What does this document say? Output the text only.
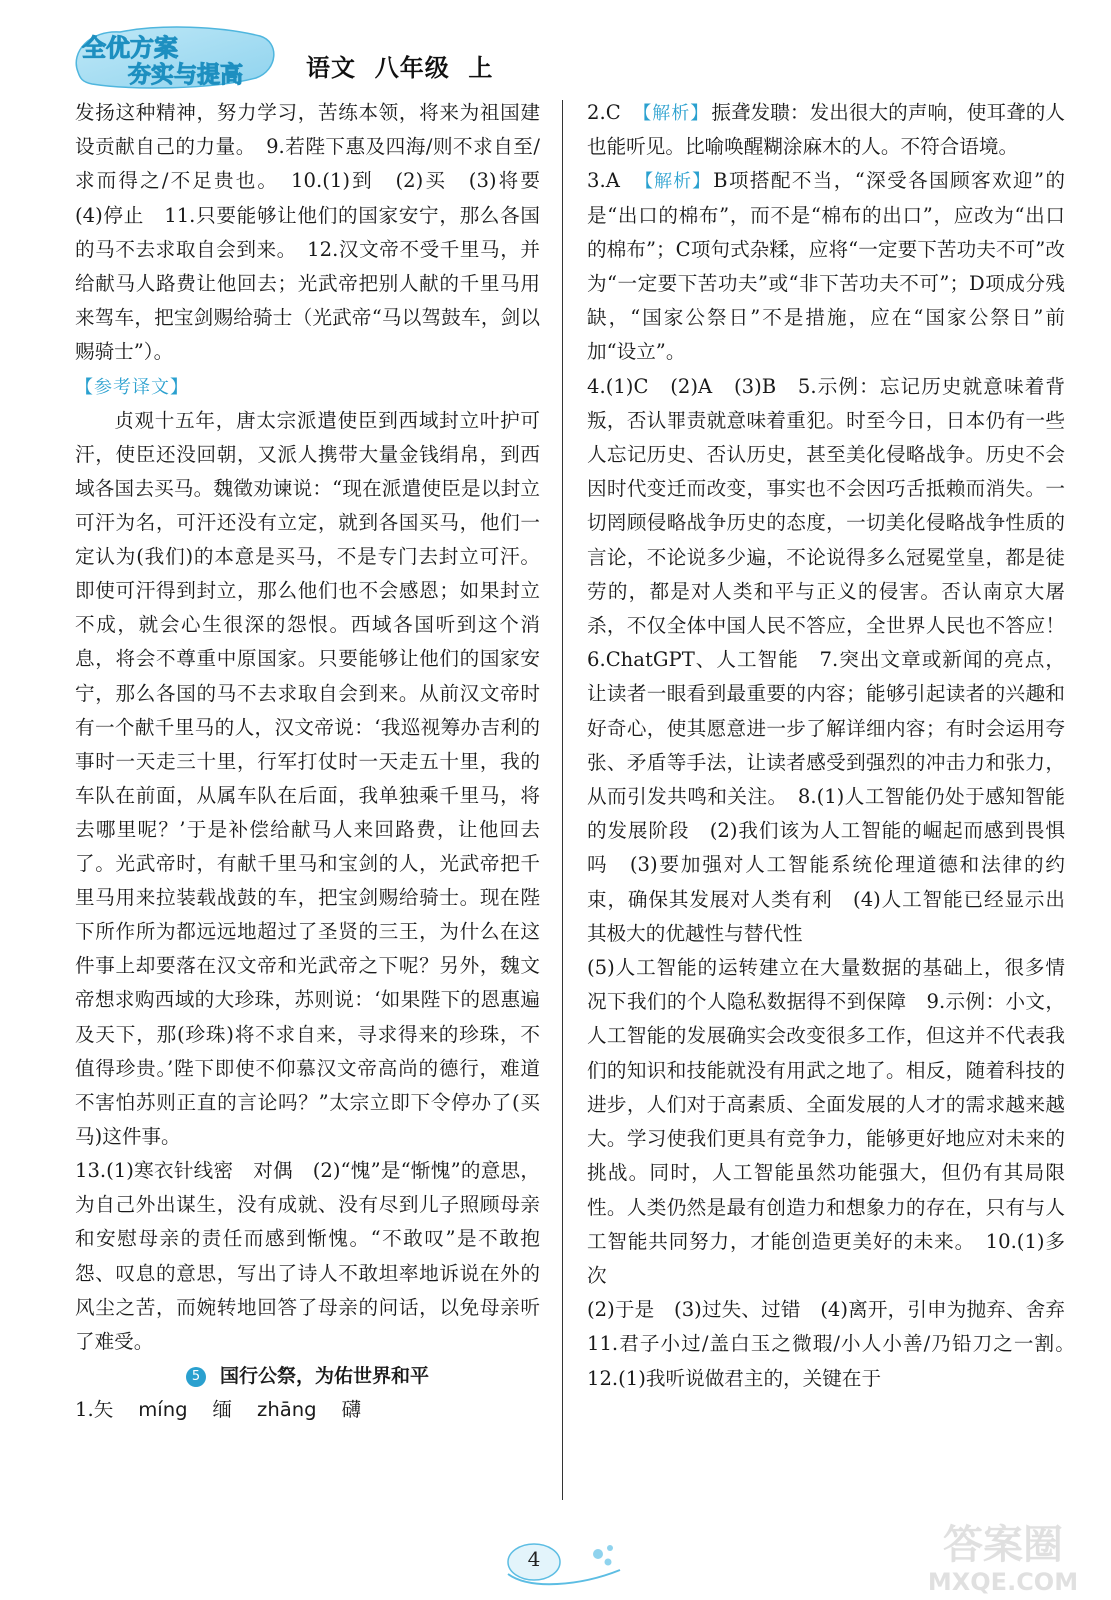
全优方案
夯实与提高	语文  八年级  上

发扬这种精神，努力学习，苦练本领，将来为祖国建设贡献自己的力量。　9.若陛下惠及四海/则不求自至/求而得之/不足贵也。　10.(1)到　(2)买　(3)将要　(4)停止　11.只要能够让他们的国家安宁，那么各国的马不去求取自会到来。　12.汉文帝不受千里马，并给献马人路费让他回去；光武帝把别人献的千里马用来驾车，把宝剑赐给骑士（光武帝“马以驾鼓车，剑以赐骑士”）。

【 参考译文 】

贞观十五年，唐太宗派遣使臣到西域封立叶护可汗，使臣还没回朝，又派人携带大量金钱绢帛，到西域各国去买马。魏徵劝谏说：“现在派遣使臣是以封立可汗为名，可汗还没有立定，就到各国买马，他们一定认为(我们)的本意是买马，不是专门去封立可汗。即使可汗得到封立，那么他们也不会感恩；如果封立不成，就会心生很深的怨恨。西域各国听到这个消息，将会不尊重中原国家。只要能够让他们的国家安宁，那么各国的马不去求取自会到来。从前汉文帝时有一个献千里马的人，汉文帝说：‘我巡视筹办吉利的事时一天走三十里，行军打仗时一天走五十里，我的车队在前面，从属车队在后面，我单独乘千里马，将去哪里呢？’于是补偿给献马人来回路费，让他回去了。光武帝时，有献千里马和宝剑的人，光武帝把千里马用来拉装载战鼓的车，把宝剑赐给骑士。现在陛下所作所为都远远地超过了圣贤的三王，为什么在这件事上却要落在汉文帝和光武帝之下呢？另外，魏文帝想求购西域的大珍珠，苏则说：‘如果陛下的恩惠遍及天下，那(珍珠)将不求自来，寻求得来的珍珠，不值得珍贵。’陛下即使不仰慕汉文帝高尚的德行，难道不害怕苏则正直的言论吗？”太宗立即下令停办了(买马)这件事。

13.(1)寒衣针线密　对偶　(2)“愧”是“惭愧”的意思，为自己外出谋生，没有成就、没有尽到儿子照顾母亲和安慰母亲的责任而感到惭愧。“不敢叹”是不敢抱怨、叹息的意思，写出了诗人不敢坦率地诉说在外的风尘之苦，而婉转地回答了母亲的问话，以免母亲听了难受。

5 国行公祭，为佑世界和平

1.矢 míng 缅 zhāng 礴

2.C 【 解析 】 振聋发聩：发出很大的声响，使耳聋的人也能听见。比喻唤醒糊涂麻木的人。不符合语境。

3.A 【 解析 】 B项搭配不当，“深受各国顾客欢迎”的是“出口的棉布”，而不是“棉布的出口”，应改为“出口的棉布”；C项句式杂糅，应将“一定要下苦功夫不可”改为“一定要下苦功夫”或“非下苦功夫不可”；D项成分残缺，“国家公祭日”不是措施，应在“国家公祭日”前加“设立”。

4.(1)C　(2)A　(3)B　5.示例：忘记历史就意味着背叛，否认罪责就意味着重犯。时至今日，日本仍有一些人忘记历史、否认历史，甚至美化侵略战争。历史不会因时代变迁而改变，事实也不会因巧舌抵赖而消失。一切罔顾侵略战争历史的态度，一切美化侵略战争性质的言论，不论说多少遍，不论说得多么冠冕堂皇，都是徒劳的，都是对人类和平与正义的侵害。否认南京大屠杀，不仅全体中国人民不答应，全世界人民也不答应！　6.ChatGPT、人工智能　7.突出文章或新闻的亮点，让读者一眼看到最重要的内容；能够引起读者的兴趣和好奇心，使其愿意进一步了解详细内容；有时会运用夸张、矛盾等手法，让读者感受到强烈的冲击力和张力，从而引发共鸣和关注。　8.(1)人工智能仍处于感知智能的发展阶段　(2)我们该为人工智能的崛起而感到畏惧吗　(3)要加强对人工智能系统伦理道德和法律的约束，确保其发展对人类有利　(4)人工智能已经显示出其极大的优越性与替代性

(5)人工智能的运转建立在大量数据的基础上，很多情况下我们的个人隐私数据得不到保障　9.示例：小文，人工智能的发展确实会改变很多工作，但这并不代表我们的知识和技能就没有用武之地了。相反，随着科技的进步，人们对于高素质、全面发展的人才的需求越来越大。学习使我们更具有竞争力，能够更好地应对未来的挑战。同时，人工智能虽然功能强大，但仍有其局限性。人类仍然是最有创造力和想象力的存在，只有与人工智能共同努力，才能创造更美好的未来。　10.(1)多次

(2)于是　(3)过失、过错　(4)离开，引申为抛弃、舍弃　11.君子小过/盖白玉之微瑕/小人小善/乃铅刀之一割。　12.(1)我听说做君主的，关键在于

4	答案圈
MXQE.COM
